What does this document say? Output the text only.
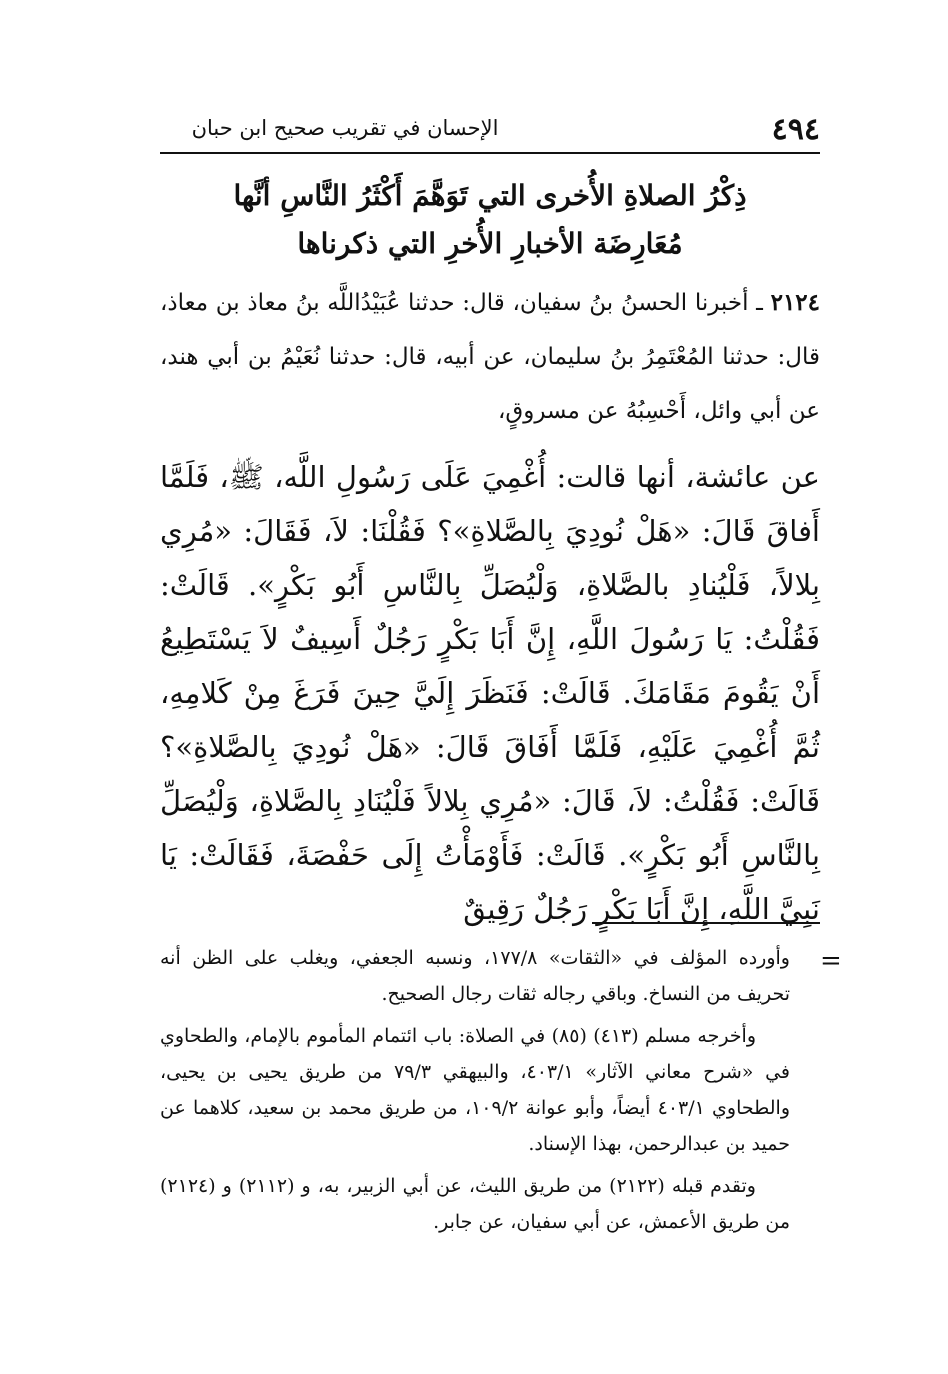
٤٩٤
الإحسان في تقريب صحيح ابن حبان
ذِكْرُ الصلاةِ الأُخرى التي تَوَهَّمَ أَكْثَرُ النَّاسِ أنَّها
مُعَارِضَة الأخبارِ الأُخرِ التي ذكرناها
٢١٢٤ ـ أخبرنا الحسنُ بنُ سفيان، قال: حدثنا عُبَيْدُاللَّه بنُ معاذ بن معاذ، قال: حدثنا المُعْتَمِرُ بنُ سليمان، عن أبيه، قال: حدثنا نُعَيْمُ بن أبي هند، عن أبي وائل، أَحْسِبُهُ عن مسروقٍ،
عن عائشة، أنها قالت: أُغْمِيَ عَلَى رَسُولِ اللَّه، ﷺ، فَلَمَّا أَفاقَ قَالَ: «هَلْ نُودِيَ بِالصَّلاةِ»؟ فَقُلْنَا: لاَ، فَقَالَ: «مُرِي بِلالاً، فَلْيُنادِ بالصَّلاةِ، وَلْيُصَلِّ بِالنَّاسِ أَبُو بَكْرٍ». قَالَتْ: فَقُلْتُ: يَا رَسُولَ اللَّهِ، إِنَّ أَبَا بَكْرٍ رَجُلٌ أَسِيفٌ لاَ يَسْتَطِيعُ أَنْ يَقُومَ مَقَامَكَ. قَالَتْ: فَنَظَرَ إِلَيَّ حِينَ فَرَغَ مِنْ كَلامِهِ، ثُمَّ أُغْمِيَ عَلَيْهِ، فَلَمَّا أَفَاقَ قَالَ: «هَلْ نُودِيَ بِالصَّلاةِ»؟ قَالَتْ: فَقُلْتُ: لاَ، قَالَ: «مُرِي بِلالاً فَلْيُنَادِ بِالصَّلاةِ، وَلْيُصَلِّ بِالنَّاسِ أَبُو بَكْرٍ». قَالَتْ: فَأَوْمَأْتُ إِلَى حَفْصَةَ، فَقَالَتْ: يَا نَبِيَّ اللَّهِ، إِنَّ أَبَا بَكْرٍ رَجُلٌ رَقِيقٌ
=

وأورده المؤلف في «الثقات» ١٧٧/٨، ونسبه الجعفي، ويغلب على الظن أنه تحريف من النساخ. وباقي رجاله ثقات رجال الصحيح.

وأخرجه مسلم (٤١٣) (٨٥) في الصلاة: باب ائتمام المأموم بالإمام، والطحاوي في «شرح معاني الآثار» ٤٠٣/١، والبيهقي ٧٩/٣ من طريق يحيى بن يحيى، والطحاوي ٤٠٣/١ أيضاً، وأبو عوانة ١٠٩/٢، من طريق محمد بن سعيد، كلاهما عن حميد بن عبدالرحمن، بهذا الإسناد.

وتقدم قبله (٢١٢٢) من طريق الليث، عن أبي الزبير، به، و (٢١١٢) و (٢١٢٤) من طريق الأعمش، عن أبي سفيان، عن جابر.
